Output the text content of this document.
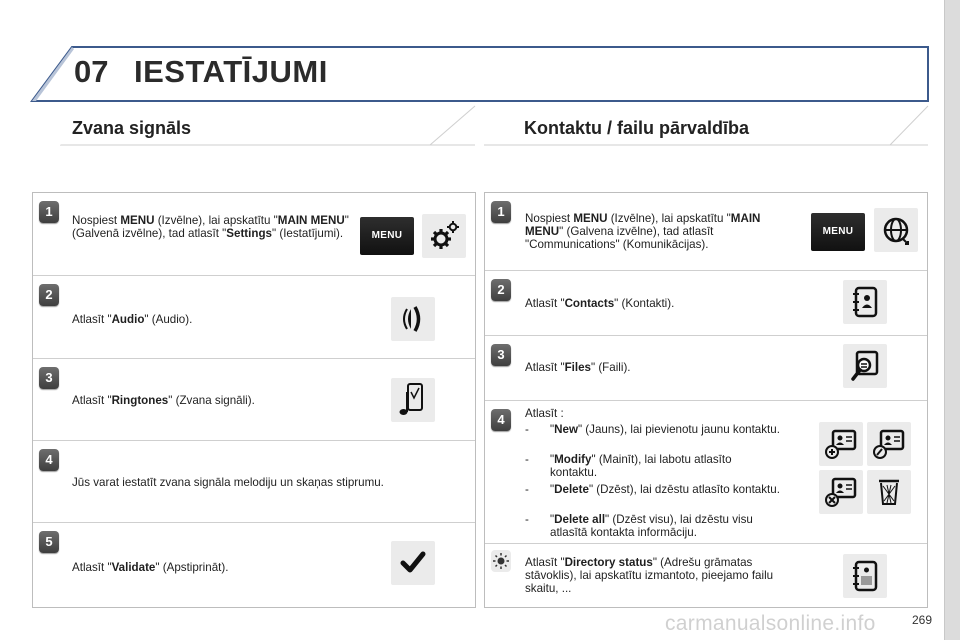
07 IESTATĪJUMI
Zvana signāls	Kontaktu / failu pārvaldība
1
Nospiest MENU (Izvēlne), lai apskatītu "MAIN MENU" (Galvenā izvēlne), tad atlasīt "Settings" (Iestatījumi).	MENU
2
Atlasīt "Audio" (Audio).
3
Atlasīt "Ringtones" (Zvana signāli).
4
Jūs varat iestatīt zvana signāla melodiju un skaņas stiprumu.
5
Atlasīt "Validate" (Apstiprināt).
1	Nospiest MENU (Izvēlne), lai apskatītu "MAIN MENU" (Galvena izvēlne), tad atlasīt "Communications" (Komunikācijas).
MENU
2
Atlasīt "Contacts" (Kontakti).
3
Atlasīt "Files" (Faili).
4	Atlasīt :
- "New" (Jauns), lai pievienotu jaunu kontaktu.
- "Modify" (Mainīt), lai labotu atlasīto kontaktu.
- "Delete" (Dzēst), lai dzēstu atlasīto kontaktu.
- "Delete all" (Dzēst visu), lai dzēstu visu atlasītā kontakta informāciju.
Atlasīt "Directory status" (Adrešu grāmatas stāvoklis), lai apskatītu izmantoto, pieejamo failu skaitu, ...
carmanualsonline.info	269
